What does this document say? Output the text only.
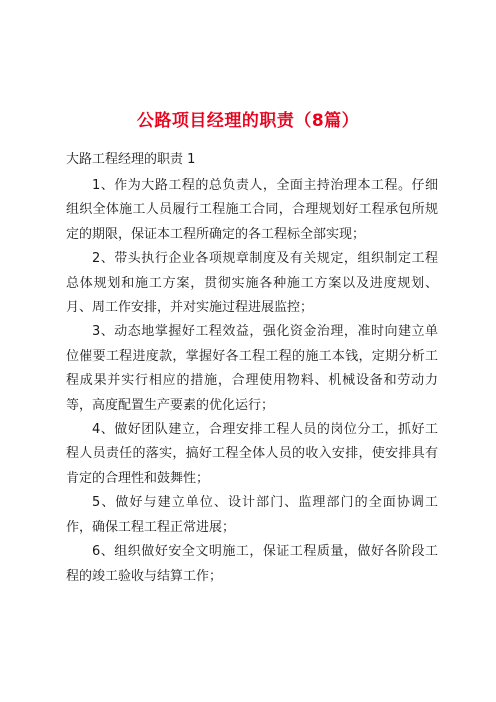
公路项目经理的职责（8篇）
大路工程经理的职责 1

1、作为大路工程的总负责人，全面主持治理本工程。仔细组织全体施工人员履行工程施工合同，合理规划好工程承包所规定的期限，保证本工程所确定的各工程标全部实现；

2、带头执行企业各项规章制度及有关规定，组织制定工程总体规划和施工方案，贯彻实施各种施工方案以及进度规划、月、周工作安排，并对实施过程进展监控；

3、动态地掌握好工程效益，强化资金治理，准时向建立单位催要工程进度款，掌握好各工程工程的施工本钱，定期分析工程成果并实行相应的措施，合理使用物料、机械设备和劳动力等，高度配置生产要素的优化运行；

4、做好团队建立，合理安排工程人员的岗位分工，抓好工程人员责任的落实，搞好工程全体人员的收入安排，使安排具有肯定的合理性和鼓舞性；

5、做好与建立单位、设计部门、监理部门的全面协调工作，确保工程工程正常进展；

6、组织做好安全文明施工，保证工程质量，做好各阶段工程的竣工验收与结算工作；
